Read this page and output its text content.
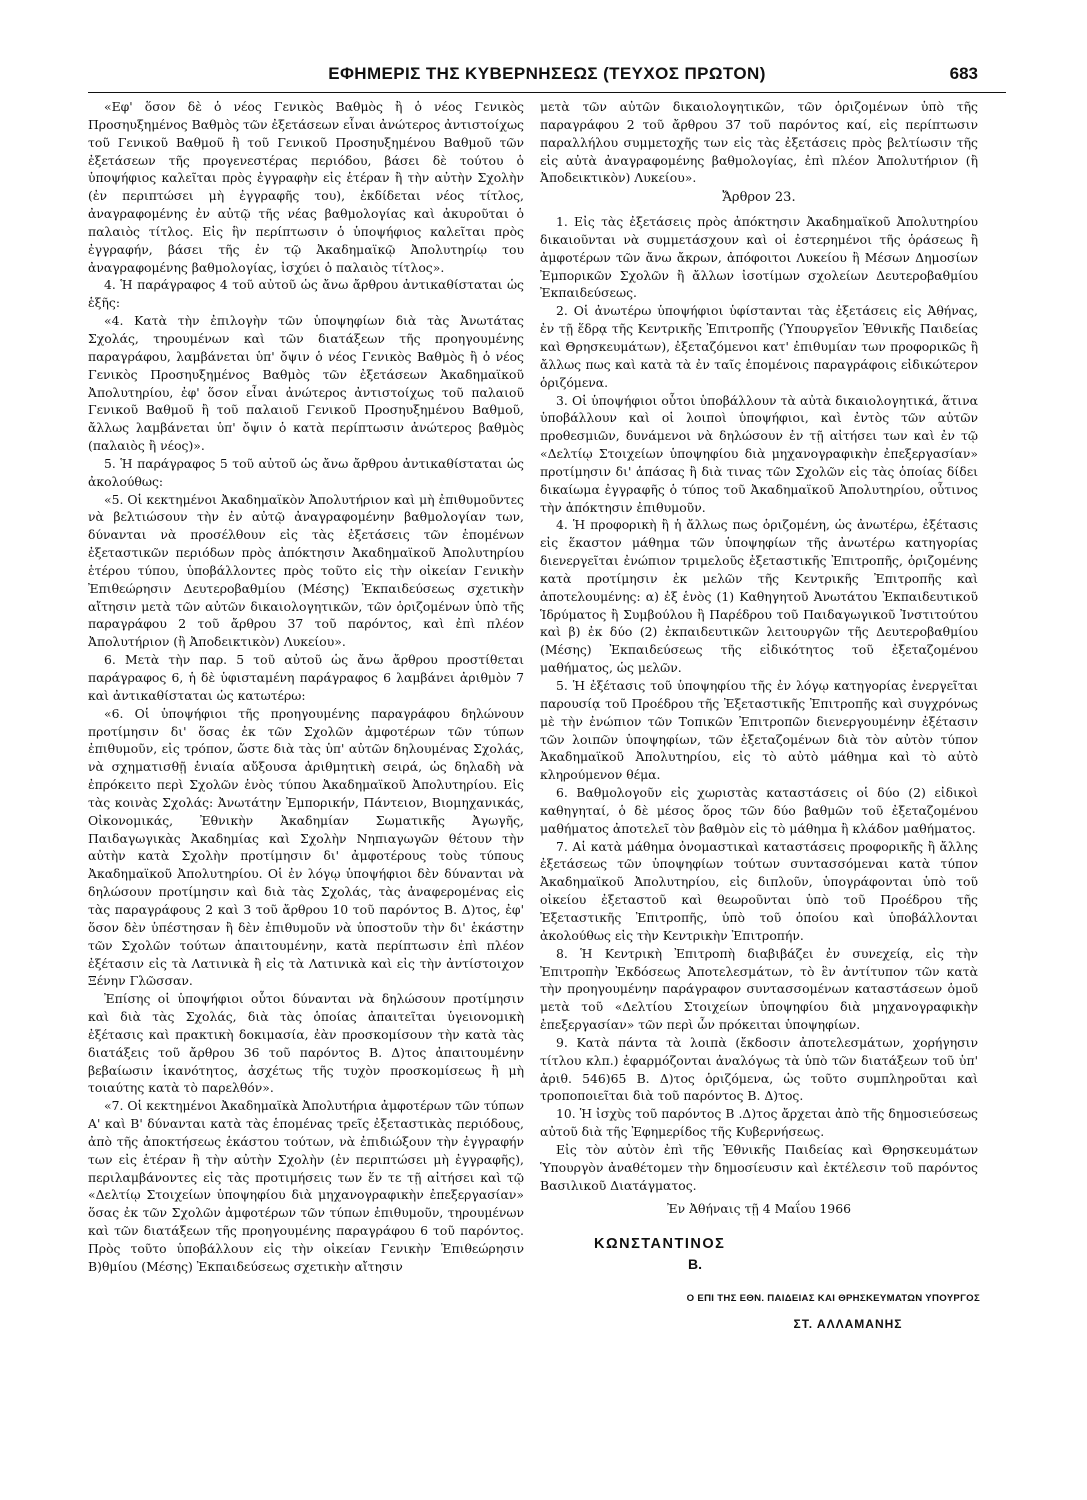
ΕΦΗΜΕΡΙΣ ΤΗΣ ΚΥΒΕΡΝΗΣΕΩΣ (ΤΕΥΧΟΣ ΠΡΩΤΟΝ)	683

«Εφ' ὅσον δὲ ὁ νέος Γενικὸς Βαθμὸς ἢ ὁ νέος Γενικὸς Προσηυξημένος Βαθμὸς τῶν ἐξετάσεων εἶναι ἀνώτερος ἀντιστοίχως τοῦ Γενικοῦ Βαθμοῦ ἢ τοῦ Γενικοῦ Προσηυξημένου Βαθμοῦ τῶν ἐξετάσεων τῆς προγενεστέρας περιόδου, βάσει δὲ τούτου ὁ ὑποψήφιος καλεῖται πρὸς ἐγγραφὴν εἰς ἑτέραν ἢ τὴν αὐτὴν Σχολὴν (ἐν περιπτώσει μὴ ἐγγραφῆς του), ἐκδίδεται νέος τίτλος, ἀναγραφομένης ἐν αὐτῷ τῆς νέας βαθμολογίας καὶ ἀκυροῦται ὁ παλαιὸς τίτλος. Εἰς ἣν περίπτωσιν ὁ ὑποψήφιος καλεῖται πρὸς ἐγγραφήν, βάσει τῆς ἐν τῷ Ἀκαδημαϊκῷ Ἀπολυτηρίῳ του ἀναγραφομένης βαθμολογίας, ἰσχύει ὁ παλαιὸς τίτλος».

4. Ἡ παράγραφος 4 τοῦ αὐτοῦ ὡς ἄνω ἄρθρου ἀντικαθίσταται ὡς ἑξῆς:

«4. Κατὰ τὴν ἐπιλογὴν τῶν ὑποψηφίων διὰ τὰς Ἀνωτάτας Σχολάς, τηρουμένων καὶ τῶν διατάξεων τῆς προηγουμένης παραγράφου, λαμβάνεται ὑπ' ὄψιν ὁ νέος Γενικὸς Βαθμὸς ἢ ὁ νέος Γενικὸς Προσηυξημένος Βαθμὸς τῶν ἐξετάσεων Ἀκαδημαϊκοῦ Ἀπολυτηρίου, ἐφ' ὅσον εἶναι ἀνώτερος ἀντιστοίχως τοῦ παλαιοῦ Γενικοῦ Βαθμοῦ ἢ τοῦ παλαιοῦ Γενικοῦ Προσηυξημένου Βαθμοῦ, ἄλλως λαμβάνεται ὑπ' ὄψιν ὁ κατὰ περίπτωσιν ἀνώτερος βαθμὸς (παλαιὸς ἢ νέος)».

5. Ἡ παράγραφος 5 τοῦ αὐτοῦ ὡς ἄνω ἄρθρου ἀντικαθίσταται ὡς ἀκολούθως:

«5. Οἱ κεκτημένοι Ἀκαδημαϊκὸν Ἀπολυτήριον καὶ μὴ ἐπιθυμοῦντες νὰ βελτιώσουν τὴν ἐν αὐτῷ ἀναγραφομένην βαθμολογίαν των, δύνανται νὰ προσέλθουν εἰς τὰς ἐξετάσεις τῶν ἑπομένων ἐξεταστικῶν περιόδων πρὸς ἀπόκτησιν Ἀκαδημαϊκοῦ Ἀπολυτηρίου ἑτέρου τύπου, ὑποβάλλοντες πρὸς τοῦτο εἰς τὴν οἰκείαν Γενικὴν Ἐπιθεώρησιν Δευτεροβαθμίου (Μέσης) Ἐκπαιδεύσεως σχετικὴν αἴτησιν μετὰ τῶν αὐτῶν δικαιολογητικῶν, τῶν ὁριζομένων ὑπὸ τῆς παραγράφου 2 τοῦ ἄρθρου 37 τοῦ παρόντος, καὶ ἐπὶ πλέον Ἀπολυτήριον (ἢ Ἀποδεικτικὸν) Λυκείου».

6. Μετὰ τὴν παρ. 5 τοῦ αὐτοῦ ὡς ἄνω ἄρθρου προστίθεται παράγραφος 6, ἡ δὲ ὑφισταμένη παράγραφος 6 λαμβάνει ἀριθμὸν 7 καὶ ἀντικαθίσταται ὡς κατωτέρω:

«6. Οἱ ὑποψήφιοι τῆς προηγουμένης παραγράφου δηλώνουν προτίμησιν δι' ὅσας ἐκ τῶν Σχολῶν ἀμφοτέρων τῶν τύπων ἐπιθυμοῦν, εἰς τρόπον, ὥστε διὰ τὰς ὑπ' αὐτῶν δηλουμένας Σχολάς, νὰ σχηματισθῇ ἑνιαία αὔξουσα ἀριθμητικὴ σειρά, ὡς δηλαδὴ νὰ ἐπρόκειτο περὶ Σχολῶν ἑνὸς τύπου Ἀκαδημαϊκοῦ Ἀπολυτηρίου. Εἰς τὰς κοινὰς Σχολάς: Ἀνωτάτην Ἐμπορικήν, Πάντειον, Βιομηχανικάς, Οἰκονομικάς, Ἐθνικὴν Ἀκαδημίαν Σωματικῆς Ἀγωγῆς, Παιδαγωγικὰς Ἀκαδημίας καὶ Σχολὴν Νηπιαγωγῶν θέτουν τὴν αὐτὴν κατὰ Σχολὴν προτίμησιν δι' ἀμφοτέρους τοὺς τύπους Ἀκαδημαϊκοῦ Ἀπολυτηρίου. Οἱ ἐν λόγῳ ὑποψήφιοι δὲν δύνανται νὰ δηλώσουν προτίμησιν καὶ διὰ τὰς Σχολάς, τὰς ἀναφερομένας εἰς τὰς παραγράφους 2 καὶ 3 τοῦ ἄρθρου 10 τοῦ παρόντος Β. Δ)τος, ἐφ' ὅσον δὲν ὑπέστησαν ἢ δὲν ἐπιθυμοῦν νὰ ὑποστοῦν τὴν δι' ἑκάστην τῶν Σχολῶν τούτων ἀπαιτουμένην, κατὰ περίπτωσιν ἐπὶ πλέον ἐξέτασιν εἰς τὰ Λατινικὰ ἢ εἰς τὰ Λατινικὰ καὶ εἰς τὴν ἀντίστοιχον Ξένην Γλῶσσαν.

Ἐπίσης οἱ ὑποψήφιοι οὗτοι δύνανται νὰ δηλώσουν προτίμησιν καὶ διὰ τὰς Σχολάς, διὰ τὰς ὁποίας ἀπαιτεῖται ὑγειονομικὴ ἐξέτασις καὶ πρακτικὴ δοκιμασία, ἐὰν προσκομίσουν τὴν κατὰ τὰς διατάξεις τοῦ ἄρθρου 36 τοῦ παρόντος Β. Δ)τος ἀπαιτουμένην βεβαίωσιν ἱκανότητος, ἀσχέτως τῆς τυχὸν προσκομίσεως ἢ μὴ τοιαύτης κατὰ τὸ παρελθόν».

«7. Οἱ κεκτημένοι Ἀκαδημαϊκὰ Ἀπολυτήρια ἀμφοτέρων τῶν τύπων Α' καὶ Β' δύνανται κατὰ τὰς ἑπομένας τρεῖς ἐξεταστικὰς περιόδους, ἀπὸ τῆς ἀποκτήσεως ἑκάστου τούτων, νὰ ἐπιδιώξουν τὴν ἐγγραφήν των εἰς ἑτέραν ἢ τὴν αὐτὴν Σχολὴν (ἐν περιπτώσει μὴ ἐγγραφῆς), περιλαμβάνοντες εἰς τὰς προτιμήσεις των ἕν τε τῇ αἰτήσει καὶ τῷ «Δελτίῳ Στοιχείων ὑποψηφίου διὰ μηχανογραφικὴν ἐπεξεργασίαν» ὅσας ἐκ τῶν Σχολῶν ἀμφοτέρων τῶν τύπων ἐπιθυμοῦν, τηρουμένων καὶ τῶν διατάξεων τῆς προηγουμένης παραγράφου 6 τοῦ παρόντος. Πρὸς τοῦτο ὑποβάλλουν εἰς τὴν οἰκείαν Γενικὴν Ἐπιθεώρησιν Β)θμίου (Μέσης) Ἐκπαιδεύσεως σχετικὴν αἴτησιν

μετὰ τῶν αὐτῶν δικαιολογητικῶν, τῶν ὁριζομένων ὑπὸ τῆς παραγράφου 2 τοῦ ἄρθρου 37 τοῦ παρόντος καί, εἰς περίπτωσιν παραλλήλου συμμετοχῆς των εἰς τὰς ἐξετάσεις πρὸς βελτίωσιν τῆς εἰς αὐτὰ ἀναγραφομένης βαθμολογίας, ἐπὶ πλέον Ἀπολυτήριον (ἢ Ἀποδεικτικὸν) Λυκείου».

Ἄρθρον 23.

1. Εἰς τὰς ἐξετάσεις πρὸς ἀπόκτησιν Ἀκαδημαϊκοῦ Ἀπολυτηρίου δικαιοῦνται νὰ συμμετάσχουν καὶ οἱ ἐστερημένοι τῆς ὁράσεως ἢ ἀμφοτέρων τῶν ἄνω ἄκρων, ἀπόφοιτοι Λυκείου ἢ Μέσων Δημοσίων Ἐμπορικῶν Σχολῶν ἢ ἄλλων ἰσοτίμων σχολείων Δευτεροβαθμίου Ἐκπαιδεύσεως.

2. Οἱ ἀνωτέρω ὑποψήφιοι ὑφίστανται τὰς ἐξετάσεις εἰς Ἀθήνας, ἐν τῇ ἕδρᾳ τῆς Κεντρικῆς Ἐπιτροπῆς (Ὑπουργεῖον Ἐθνικῆς Παιδείας καὶ Θρησκευμάτων), ἐξεταζόμενοι κατ' ἐπιθυμίαν των προφορικῶς ἢ ἄλλως πως καὶ κατὰ τὰ ἐν ταῖς ἑπομένοις παραγράφοις εἰδικώτερον ὁριζόμενα.

3. Οἱ ὑποψήφιοι οὗτοι ὑποβάλλουν τὰ αὐτὰ δικαιολογητικά, ἅτινα ὑποβάλλουν καὶ οἱ λοιποὶ ὑποψήφιοι, καὶ ἐντὸς τῶν αὐτῶν προθεσμιῶν, δυνάμενοι νὰ δηλώσουν ἐν τῇ αἰτήσει των καὶ ἐν τῷ «Δελτίῳ Στοιχείων ὑποψηφίου διὰ μηχανογραφικὴν ἐπεξεργασίαν» προτίμησιν δι' ἁπάσας ἢ διὰ τινας τῶν Σχολῶν εἰς τὰς ὁποίας δίδει δικαίωμα ἐγγραφῆς ὁ τύπος τοῦ Ἀκαδημαϊκοῦ Ἀπολυτηρίου, οὗτινος τὴν ἀπόκτησιν ἐπιθυμοῦν.

4. Ἡ προφορικὴ ἢ ἡ ἄλλως πως ὁριζομένη, ὡς ἀνωτέρω, ἐξέτασις εἰς ἕκαστον μάθημα τῶν ὑποψηφίων τῆς ἀνωτέρω κατηγορίας διενεργεῖται ἐνώπιον τριμελοῦς ἐξεταστικῆς Ἐπιτροπῆς, ὁριζομένης κατὰ προτίμησιν ἐκ μελῶν τῆς Κεντρικῆς Ἐπιτροπῆς καὶ ἀποτελουμένης: α) ἐξ ἑνὸς (1) Καθηγητοῦ Ἀνωτάτου Ἐκπαιδευτικοῦ Ἱδρύματος ἢ Συμβούλου ἢ Παρέδρου τοῦ Παιδαγωγικοῦ Ἰνστιτούτου καὶ β) ἐκ δύο (2) ἐκπαιδευτικῶν λειτουργῶν τῆς Δευτεροβαθμίου (Μέσης) Ἐκπαιδεύσεως τῆς εἰδικότητος τοῦ ἐξεταζομένου μαθήματος, ὡς μελῶν.

5. Ἡ ἐξέτασις τοῦ ὑποψηφίου τῆς ἐν λόγῳ κατηγορίας ἐνεργεῖται παρουσίᾳ τοῦ Προέδρου τῆς Ἐξεταστικῆς Ἐπιτροπῆς καὶ συγχρόνως μὲ τὴν ἐνώπιον τῶν Τοπικῶν Ἐπιτροπῶν διενεργουμένην ἐξέτασιν τῶν λοιπῶν ὑποψηφίων, τῶν ἐξεταζομένων διὰ τὸν αὐτὸν τύπον Ἀκαδημαϊκοῦ Ἀπολυτηρίου, εἰς τὸ αὐτὸ μάθημα καὶ τὸ αὐτὸ κληρούμενον θέμα.

6. Βαθμολογοῦν εἰς χωριστὰς καταστάσεις οἱ δύο (2) εἰδικοὶ καθηγηταί, ὁ δὲ μέσος ὅρος τῶν δύο βαθμῶν τοῦ ἐξεταζομένου μαθήματος ἀποτελεῖ τὸν βαθμὸν εἰς τὸ μάθημα ἢ κλάδον μαθήματος.

7. Αἱ κατὰ μάθημα ὀνομαστικαὶ καταστάσεις προφορικῆς ἢ ἄλλης ἐξετάσεως τῶν ὑποψηφίων τούτων συντασσόμεναι κατὰ τύπον Ἀκαδημαϊκοῦ Ἀπολυτηρίου, εἰς διπλοῦν, ὑπογράφονται ὑπὸ τοῦ οἰκείου ἐξεταστοῦ καὶ θεωροῦνται ὑπὸ τοῦ Προέδρου τῆς Ἐξεταστικῆς Ἐπιτροπῆς, ὑπὸ τοῦ ὁποίου καὶ ὑποβάλλονται ἀκολούθως εἰς τὴν Κεντρικὴν Ἐπιτροπήν.

8. Ἡ Κεντρικὴ Ἐπιτροπὴ διαβιβάζει ἐν συνεχείᾳ, εἰς τὴν Ἐπιτροπὴν Ἐκδόσεως Ἀποτελεσμάτων, τὸ ἓν ἀντίτυπον τῶν κατὰ τὴν προηγουμένην παράγραφον συντασσομένων καταστάσεων ὁμοῦ μετὰ τοῦ «Δελτίου Στοιχείων ὑποψηφίου διὰ μηχανογραφικὴν ἐπεξεργασίαν» τῶν περὶ ὧν πρόκειται ὑποψηφίων.

9. Κατὰ πάντα τὰ λοιπὰ (ἔκδοσιν ἀποτελεσμάτων, χορήγησιν τίτλου κλπ.) ἐφαρμόζονται ἀναλόγως τὰ ὑπὸ τῶν διατάξεων τοῦ ὑπ' ἀριθ. 546)65 Β. Δ)τος ὁριζόμενα, ὡς τοῦτο συμπληροῦται καὶ τροποποιεῖται διὰ τοῦ παρόντος Β. Δ)τος.

10. Ἡ ἰσχὺς τοῦ παρόντος Β .Δ)τος ἄρχεται ἀπὸ τῆς δημοσιεύσεως αὐτοῦ διὰ τῆς Ἐφημερίδος τῆς Κυβερνήσεως.

Εἰς τὸν αὐτὸν ἐπὶ τῆς Ἐθνικῆς Παιδείας καὶ Θρησκευμάτων Ὑπουργὸν ἀναθέτομεν τὴν δημοσίευσιν καὶ ἐκτέλεσιν τοῦ παρόντος Βασιλικοῦ Διατάγματος.

Ἐν Ἀθήναις τῇ 4 Μαΐου 1966
ΚΩΝΣΤΑΝΤΙΝΟΣ
Β.
Ο ΕΠΙ ΤΗΣ ΕΘΝ. ΠΑΙΔΕΙΑΣ ΚΑΙ ΘΡΗΣΚΕΥΜΑΤΩΝ ΥΠΟΥΡΓΟΣ
ΣΤ. ΑΛΛΑΜΑΝΗΣ
